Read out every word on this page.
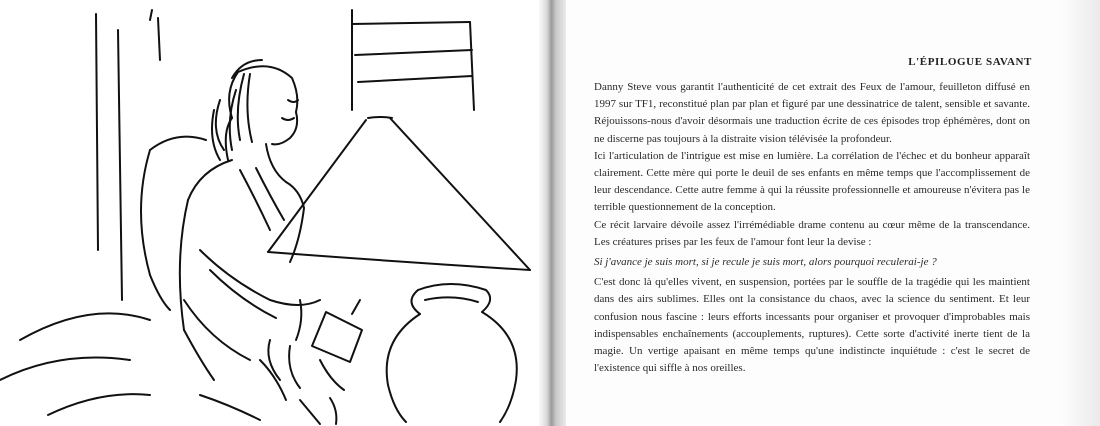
L'ÉPILOGUE SAVANT

Danny Steve vous garantit l'authenticité de cet extrait des Feux de l'amour, feuilleton diffusé en 1997 sur TF1, reconstitué plan par plan et figuré par une dessinatrice de talent, sensible et savante. Réjouissons-nous d'avoir désormais une traduction écrite de ces épisodes trop éphémères, dont on ne discerne pas toujours à la distraite vision télévisée la profondeur.

Ici l'articulation de l'intrigue est mise en lumière. La corrélation de l'échec et du bonheur apparaît clairement. Cette mère qui porte le deuil de ses enfants en même temps que l'accomplissement de leur descendance. Cette autre femme à qui la réussite professionnelle et amoureuse n'évitera pas le terrible questionnement de la conception.

Ce récit larvaire dévoile assez l'irrémédiable drame contenu au cœur même de la transcendance. Les créatures prises par les feux de l'amour font leur la devise :

Si j'avance je suis mort, si je recule je suis mort, alors pourquoi reculerai-je ?

C'est donc là qu'elles vivent, en suspension, portées par le souffle de la tragédie qui les maintient dans des airs sublimes. Elles ont la consistance du chaos, avec la science du sentiment. Et leur confusion nous fascine : leurs efforts incessants pour organiser et provoquer d'improbables mais indispensables enchaînements (accouplements, ruptures). Cette sorte d'activité inerte tient de la magie. Un vertige apaisant en même temps qu'une indistincte inquiétude : c'est le secret de l'existence qui siffle à nos oreilles.
